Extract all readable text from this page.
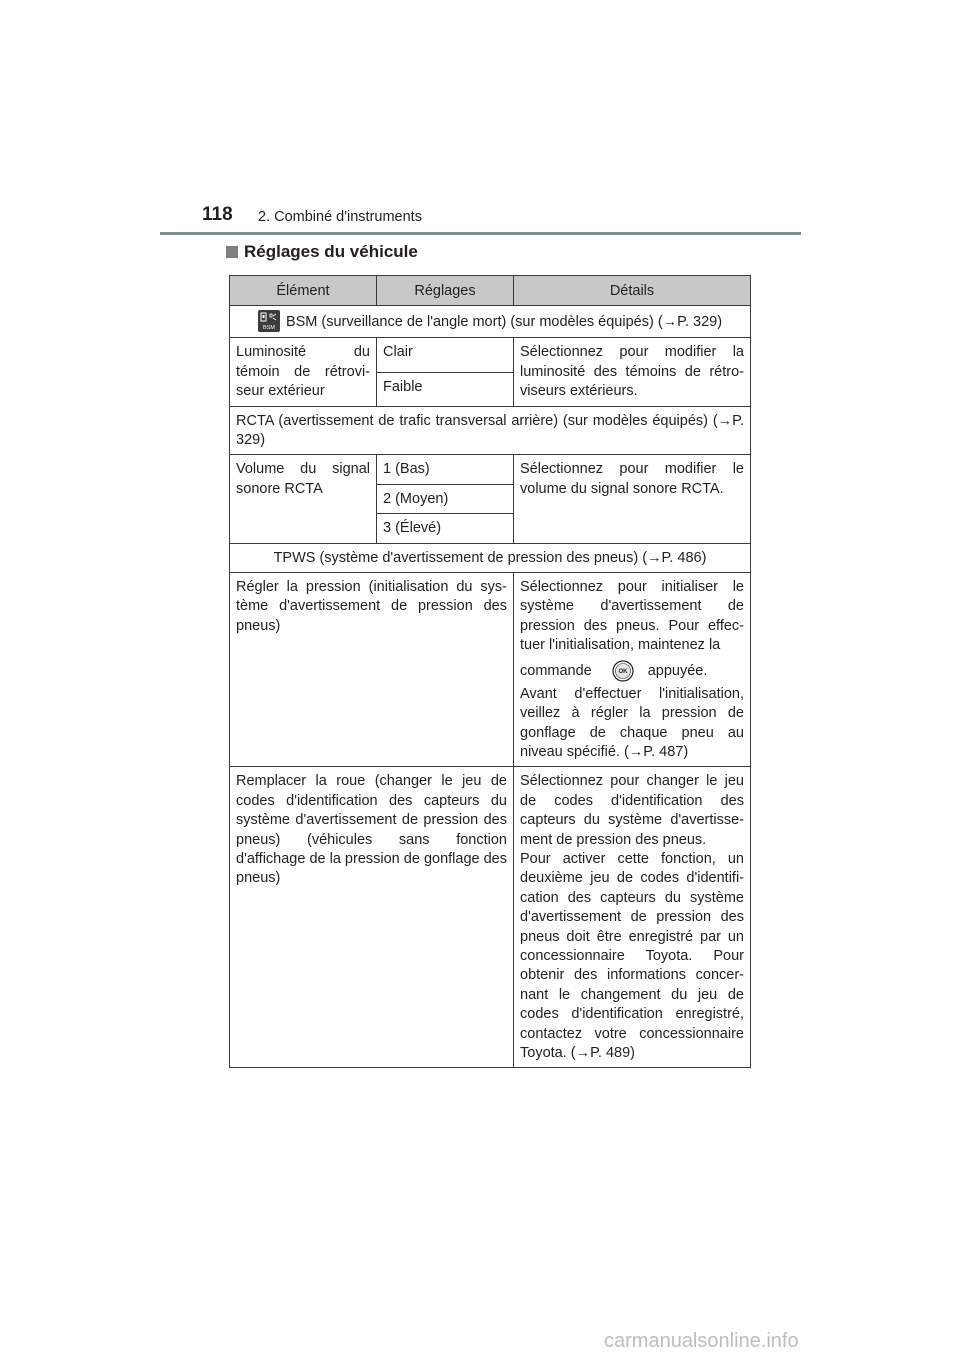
118 2. Combiné d'instruments
Réglages du véhicule
Élément	Réglages	Détails

BSM BSM (surveillance de l'angle mort) (sur modèles équipés) (→P. 329)		
Luminosité du témoin de rétrovi-seur extérieur	Clair	Sélectionnez pour modifier la luminosité des témoins de rétro-viseurs extérieurs.
	Faible	
RCTA (avertissement de trafic transversal arrière) (sur modèles équipés) (→P. 329)		
Volume du signal sonore RCTA	1 (Bas)	Sélectionnez pour modifier le volume du signal sonore RCTA.
	2 (Moyen)	
	3 (Élevé)	
TPWS (système d'avertissement de pression des pneus) (→P. 486)		
Régler la pression (initialisation du sys-tème d'avertissement de pression des pneus)		Sélectionnez pour initialiser le système d'avertissement de pression des pneus. Pour effec-tuer l'initialisation, maintenez la
commande OK appuyée.
Avant d'effectuer l'initialisation, veillez à régler la pression de gonflage de chaque pneu au niveau spécifié. (→P. 487)

Remplacer la roue (changer le jeu de codes d'identification des capteurs du système d'avertissement de pression des pneus) (véhicules sans fonction d'affichage de la pression de gonflage des pneus)		Sélectionnez pour changer le jeu de codes d'identification des capteurs du système d'avertisse-ment de pression des pneus.
Pour activer cette fonction, un deuxième jeu de codes d'identifi-cation des capteurs du système d'avertissement de pression des pneus doit être enregistré par un concessionnaire Toyota. Pour obtenir des informations concer-nant le changement du jeu de codes d'identification enregistré, contactez votre concessionnaire Toyota. (→P. 489)
carmanualsonline.info
